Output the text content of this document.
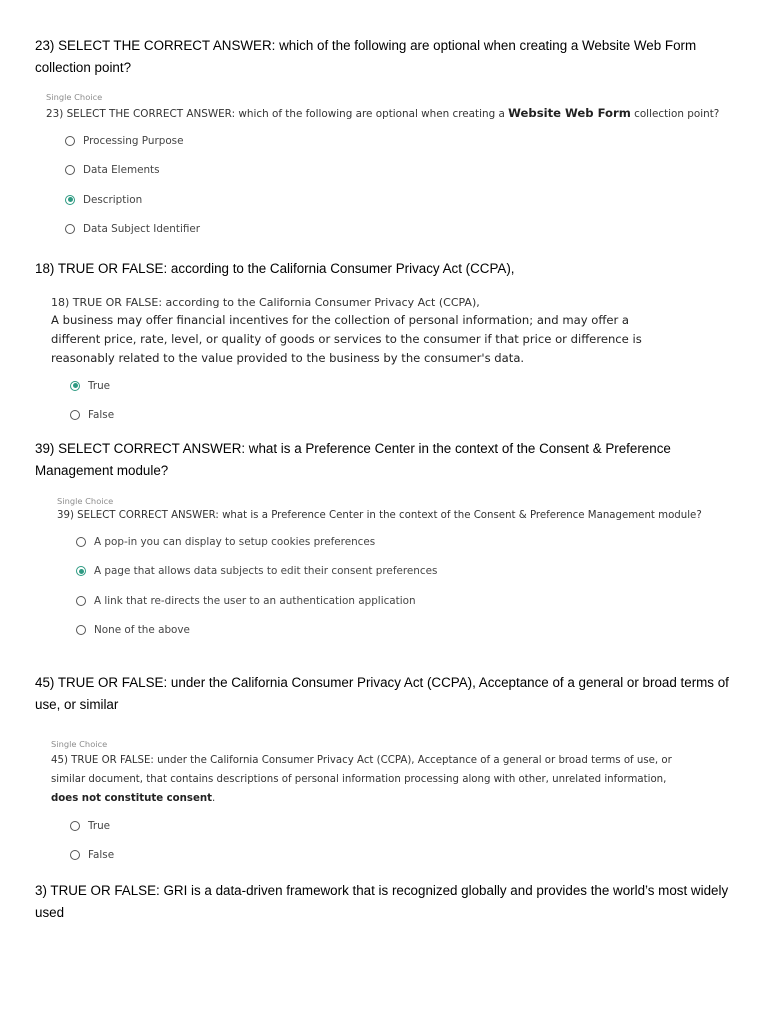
23) SELECT THE CORRECT ANSWER: which of the following are optional when creating a Website Web Form collection point?
Single Choice
23) SELECT THE CORRECT ANSWER: which of the following are optional when creating a Website Web Form collection point?
Processing Purpose
Data Elements
Description
Data Subject Identifier
18) TRUE OR FALSE: according to the California Consumer Privacy Act (CCPA),
18) TRUE OR FALSE: according to the California Consumer Privacy Act (CCPA),
A business may offer financial incentives for the collection of personal information; and may offer a different price, rate, level, or quality of goods or services to the consumer if that price or difference is reasonably related to the value provided to the business by the consumer's data.
True
False
39) SELECT CORRECT ANSWER: what is a Preference Center in the context of the Consent & Preference Management module?
Single Choice
39) SELECT CORRECT ANSWER: what is a Preference Center in the context of the Consent & Preference Management module?
A pop-in you can display to setup cookies preferences
A page that allows data subjects to edit their consent preferences
A link that re-directs the user to an authentication application
None of the above
45) TRUE OR FALSE: under the California Consumer Privacy Act (CCPA), Acceptance of a general or broad terms of use, or similar
Single Choice
45) TRUE OR FALSE: under the California Consumer Privacy Act (CCPA), Acceptance of a general or broad terms of use, or similar document, that contains descriptions of personal information processing along with other, unrelated information, does not constitute consent.
True
False
3) TRUE OR FALSE: GRI is a data-driven framework that is recognized globally and provides the world’s most widely used
